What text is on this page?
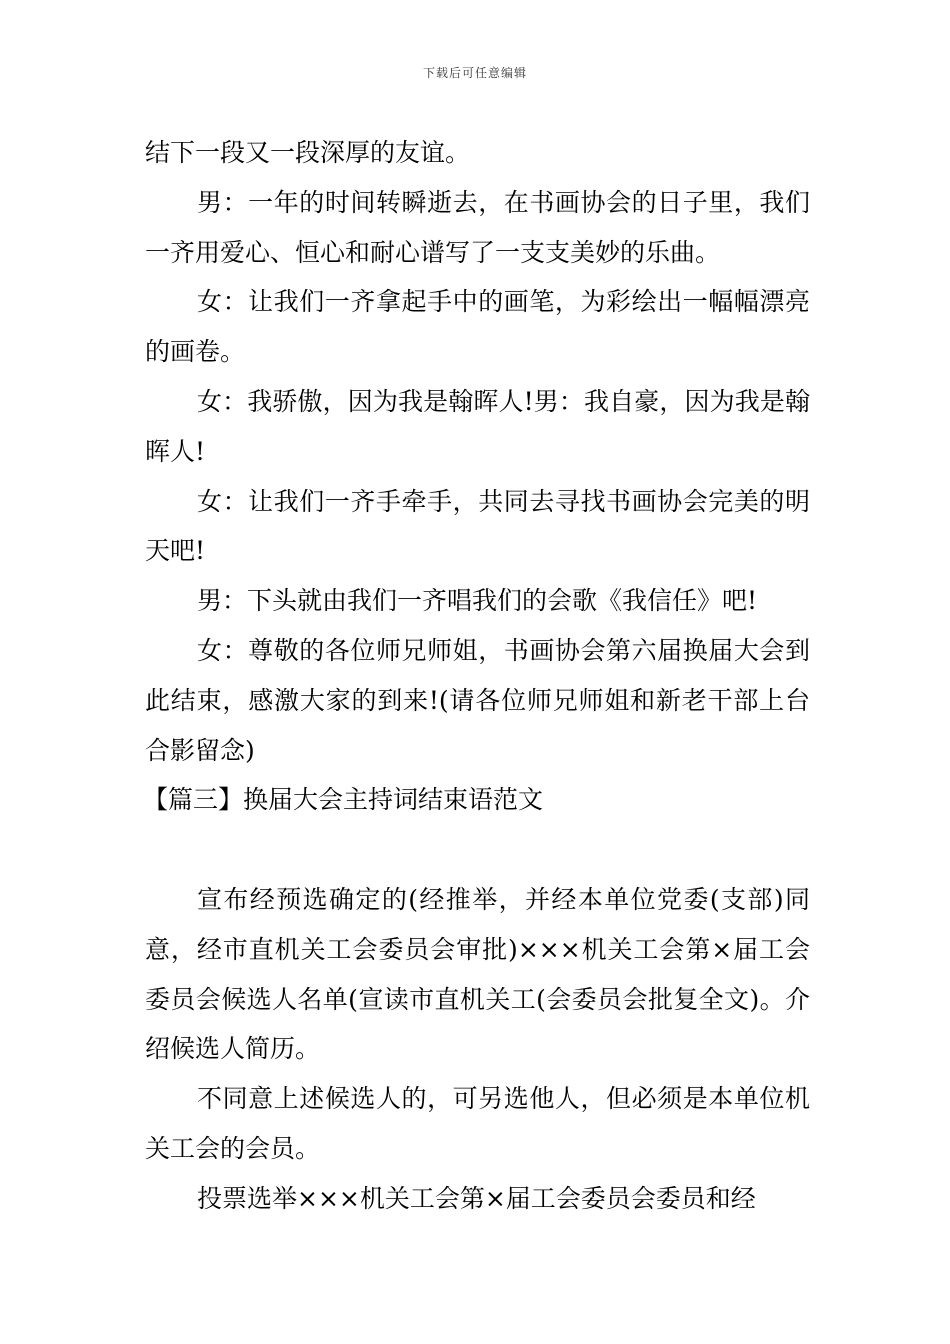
下载后可任意编辑

结下一段又一段深厚的友谊。

男：一年的时间转瞬逝去，在书画协会的日子里，我们一齐用爱心、恒心和耐心谱写了一支支美妙的乐曲。

女：让我们一齐拿起手中的画笔，为彩绘出一幅幅漂亮的画卷。

女：我骄傲，因为我是翰晖人!男：我自豪，因为我是翰晖人!

女：让我们一齐手牵手，共同去寻找书画协会完美的明天吧!

男：下头就由我们一齐唱我们的会歌《我信任》吧!

女：尊敬的各位师兄师姐，书画协会第六届换届大会到此结束，感激大家的到来!(请各位师兄师姐和新老干部上台合影留念)

【篇三】换届大会主持词结束语范文

宣布经预选确定的(经推举，并经本单位党委(支部)同意，经市直机关工会委员会审批)×××机关工会第×届工会委员会候选人名单(宣读市直机关工(会委员会批复全文)。介绍候选人简历。

不同意上述候选人的，可另选他人，但必须是本单位机关工会的会员。

投票选举×××机关工会第×届工会委员会委员和经
